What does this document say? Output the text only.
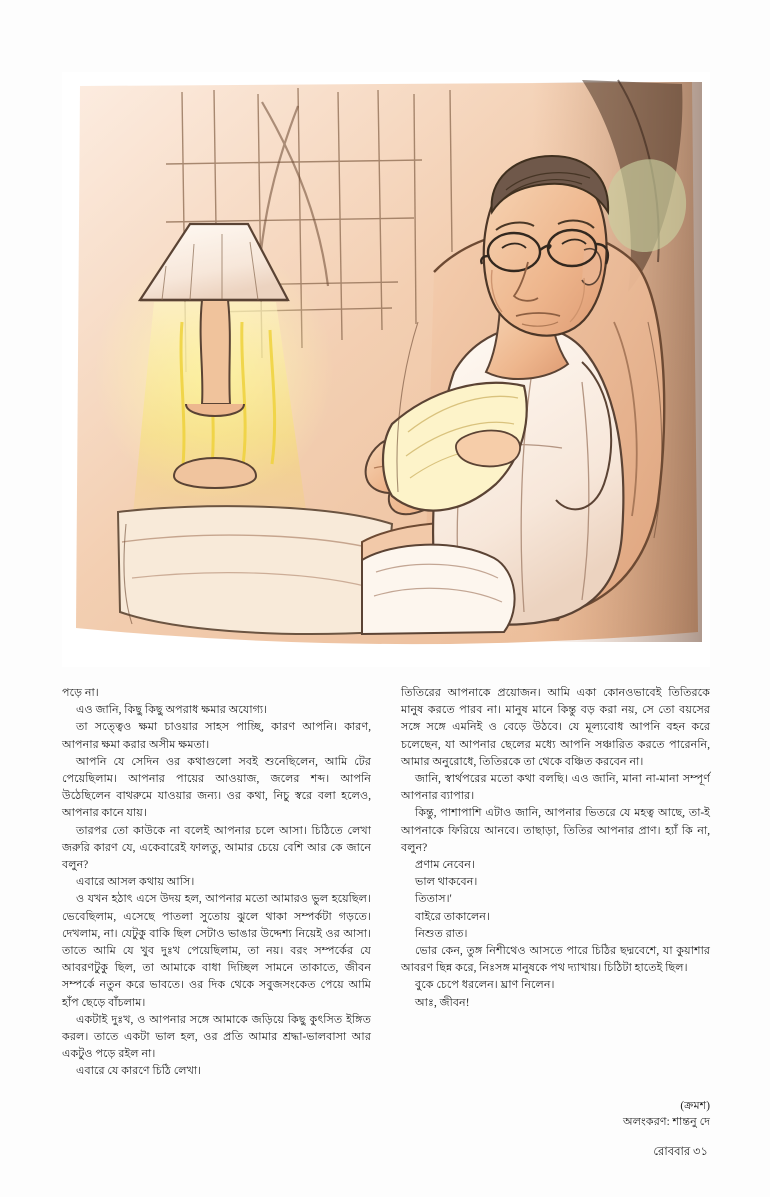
পড়ে না।

এও জানি, কিছু কিছু অপরাধ ক্ষমার অযোগ্য।

তা সত্ত্বেও ক্ষমা চাওয়ার সাহস পাচ্ছি, কারণ আপনি। কারণ, আপনার ক্ষমা করার অসীম ক্ষমতা।

আপনি যে সেদিন ওর কথাগুলো সবই শুনেছিলেন, আমি টের পেয়েছিলাম। আপনার পায়ের আওয়াজ, জলের শব্দ। আপনি উঠেছিলেন বাথরুমে যাওয়ার জন্য। ওর কথা, নিচু স্বরে বলা হলেও, আপনার কানে যায়।

তারপর তো কাউকে না বলেই আপনার চলে আসা। চিঠিতে লেখা জরুরি কারণ যে, একেবারেই ফালতু, আমার চেয়ে বেশি আর কে জানে বলুন?

এবারে আসল কথায় আসি।

ও যখন হঠাৎ এসে উদয় হল, আপনার মতো আমারও ভুল হয়েছিল। ভেবেছিলাম, এসেছে পাতলা সুতোয় ঝুলে থাকা সম্পর্কটা গড়তে। দেখলাম, না। যেটুকু বাকি ছিল সেটাও ভাঙার উদ্দেশ্য নিয়েই ওর আসা। তাতে আমি যে খুব দুঃখ পেয়েছিলাম, তা নয়। বরং সম্পর্কের যে আবরণটুকু ছিল, তা আমাকে বাধা দিচ্ছিল সামনে তাকাতে, জীবন সম্পর্কে নতুন করে ভাবতে। ওর দিক থেকে সবুজসংকেত পেয়ে আমি হাঁপ ছেড়ে বাঁচলাম।

একটাই দুঃখ, ও আপনার সঙ্গে আমাকে জড়িয়ে কিছু কুৎসিত ইঙ্গিত করল। তাতে একটা ভাল হল, ওর প্রতি আমার শ্রদ্ধা-ভালবাসা আর একটুও পড়ে রইল না।

এবারে যে কারণে চিঠি লেখা।

তিতিরের আপনাকে প্রয়োজন। আমি একা কোনওভাবেই তিতিরকে মানুষ করতে পারব না। মানুষ মানে কিন্তু বড় করা নয়, সে তো বয়সের সঙ্গে সঙ্গে এমনিই ও বেড়ে উঠবে। যে মূল্যবোধ আপনি বহন করে চলেছেন, যা আপনার ছেলের মধ্যে আপনি সঞ্চারিত করতে পারেননি, আমার অনুরোধে, তিতিরকে তা থেকে বঞ্চিত করবেন না।

জানি, স্বার্থপরের মতো কথা বলছি। এও জানি, মানা না-মানা সম্পূর্ণ আপনার ব্যাপার।

কিন্তু, পাশাপাশি এটাও জানি, আপনার ভিতরে যে মহত্ব আছে, তা-ই আপনাকে ফিরিয়ে আনবে। তাছাড়া, তিতির আপনার প্রাণ। হ্যাঁ কি না, বলুন?

প্রণাম নেবেন।

ভাল থাকবেন।

তিতাস।'

বাইরে তাকালেন।

নিশুত রাত।

ভোর কেন, তুঙ্গ নিশীথেও আসতে পারে চিঠির ছদ্মবেশে, যা কুয়াশার আবরণ ছিন্ন করে, নিঃসঙ্গ মানুষকে পথ দ্যাখায়। চিঠিটা হাতেই ছিল।

বুকে চেপে ধরলেন। ঘ্রাণ নিলেন।

আঃ, জীবন!

(ক্রমশ)
অলংকরণ: শান্তনু দে
রোববার ৩১
